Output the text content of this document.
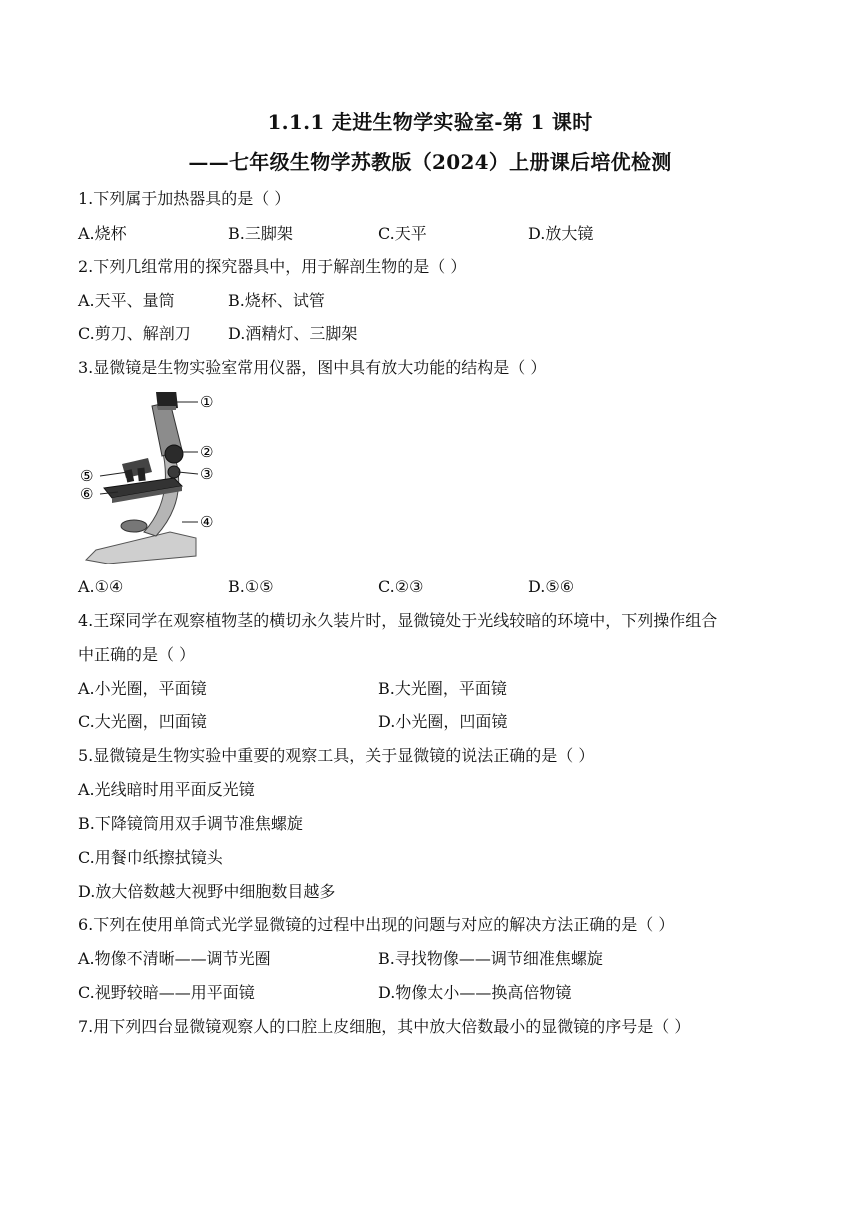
1.1.1 走进生物学实验室-第 1 课时
——七年级生物学苏教版（2024）上册课后培优检测
1.下列属于加热器具的是（ ）
A.烧杯	B.三脚架	C.天平	D.放大镜
2.下列几组常用的探究器具中，用于解剖生物的是（ ）
A.天平、量筒	B.烧杯、试管
C.剪刀、解剖刀 D.酒精灯、三脚架
3.显微镜是生物实验室常用仪器，图中具有放大功能的结构是（ ）
①
②
③
④
⑤
⑥
A.①④	B.①⑤	C.②③	D.⑤⑥
4.王琛同学在观察植物茎的横切永久装片时，显微镜处于光线较暗的环境中，下列操作组合
中正确的是（ ）
A.小光圈，平面镜	B.大光圈，平面镜
C.大光圈，凹面镜	D.小光圈，凹面镜
5.显微镜是生物实验中重要的观察工具，关于显微镜的说法正确的是（ ）
A.光线暗时用平面反光镜
B.下降镜筒用双手调节准焦螺旋
C.用餐巾纸擦拭镜头
D.放大倍数越大视野中细胞数目越多
6.下列在使用单筒式光学显微镜的过程中出现的问题与对应的解决方法正确的是（ ）
A.物像不清晰——调节光圈	B.寻找物像——调节细准焦螺旋
C.视野较暗——用平面镜	D.物像太小——换高倍物镜
7.用下列四台显微镜观察人的口腔上皮细胞，其中放大倍数最小的显微镜的序号是（ ）
